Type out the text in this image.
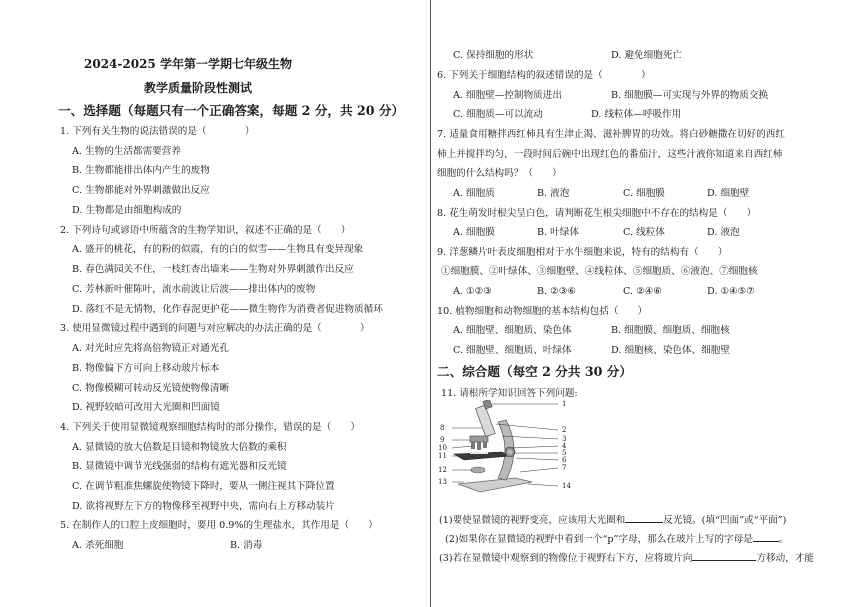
2024-2025 学年第一学期七年级生物
教学质量阶段性测试
一、选择题（每题只有一个正确答案，每题 2 分，共 20 分）
1. 下列有关生物的说法错误的是（　　　　）
A. 生物的生活都需要营养
B. 生物都能排出体内产生的废物
C. 生物都能对外界刺激做出反应
D. 生物都是由细胞构成的
2. 下列诗句或谚语中所蕴含的生物学知识，叙述不正确的是（　　）
A. 盛开的桃花，有的粉的似霞，有的白的似雪——生物具有变异现象
B. 春色满园关不住，一枝红杏出墙来——生物对外界刺激作出反应
C. 芳林新叶催陈叶，流水前波让后波——排出体内的废物
D. 落红不是无情物，化作春泥更护花——微生物作为消费者促进物质循环
3. 使用显微镜过程中遇到的问题与对应解决的办法正确的是（　　　　）
A. 对光时应先将高倍物镜正对通光孔
B. 物像偏下方可向上移动玻片标本
C. 物像模糊可转动反光镜使物像清晰
D. 视野较暗可改用大光圈和凹面镜
4. 下列关于使用显微镜观察细胞结构时的部分操作，错误的是（　　）
A. 显微镜的放大倍数是目镜和物镜放大倍数的乘积
B. 显微镜中调节光线强弱的结构有遮光器和反光镜
C. 在调节粗准焦螺旋使物镜下降时，要从一侧注视其下降位置
D. 欲将视野左下方的物像移至视野中央，需向右上方移动装片
5. 在制作人的口腔上皮细胞时，要用 0.9%的生理盐水，其作用是（　　）
A. 杀死细胞	B. 消毒
C. 保持细胞的形状	D. 避免细胞死亡
6. 下列关于细胞结构的叙述错误的是（　　　　）
A. 细胞壁—控制物质进出	B. 细胞膜—可实现与外界的物质交换
C. 细胞质—可以流动	D. 线粒体—呼吸作用
7. 适量食用糖拌西红柿具有生津止渴、滋补脾胃的功效。将白砂糖撒在切好的西红
柿上并搅拌均匀，一段时间后碗中出现红色的番茄汁，这些汁液你知道来自西红柿
细胞的什么结构吗？（　　）
A. 细胞质	B. 液泡	C. 细胞膜	D. 细胞壁
8. 花生萌发时根尖呈白色，请判断花生根尖细胞中不存在的结构是（　　）
A. 细胞膜	B. 叶绿体	C. 线粒体	D. 液泡
9. 洋葱鳞片叶表皮细胞相对于水牛细胞来说，特有的结构有（　　）
①细胞膜、②叶绿体、③细胞壁、④线粒体、⑤细胞质、⑥液泡、⑦细胞核
A. ①②③	B. ②③⑥	C. ②④⑥	D. ①④⑤⑦
10. 植物细胞和动物细胞的基本结构包括（　　）
A. 细胞壁、细胞质、染色体	B. 细胞膜、细胞质、细胞核
C. 细胞壁、细胞质、叶绿体	D. 细胞核、染色体、细胞壁
二、综合题（每空 2 分共 30 分）
11. 请根所学知识回答下列问题:
(1)要使显微镜的视野变亮，应该用大光圈和	反光镜。(填“凹面”或“平面”)
(2)如果你在显微镜的视野中看到一个“p”字母，那么在玻片上写的字母是	。
(3)若在显微镜中观察到的物像位于视野右下方，应将玻片向	方移动，才能
1
2
3
4
5
6
7
14
8
9
10
11
12
13
